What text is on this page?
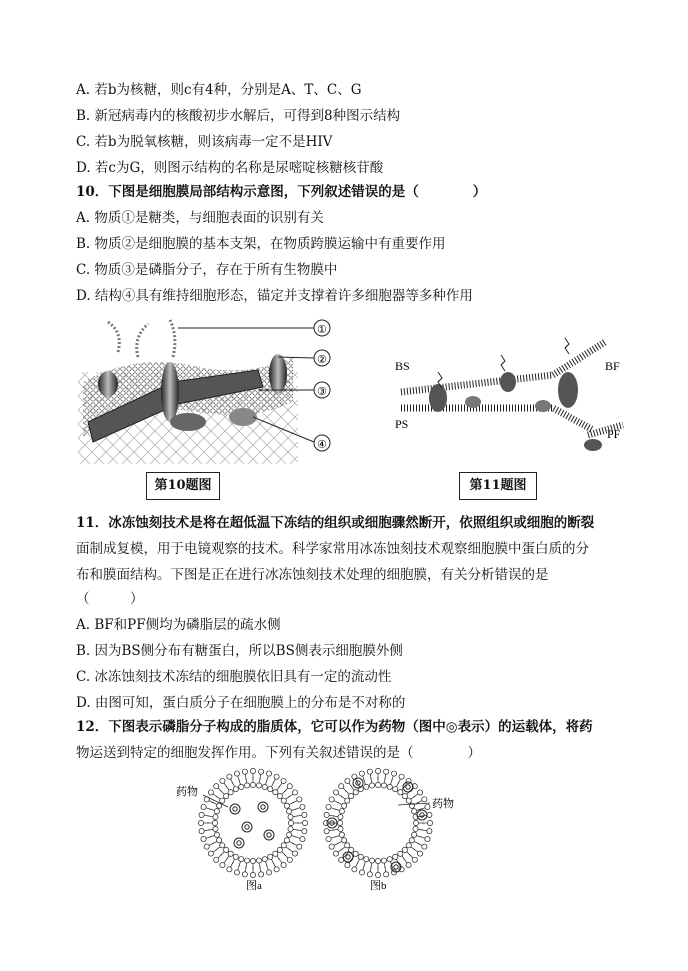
A. 若b为核糖，则c有4种，分别是A、T、C、G
B. 新冠病毒内的核酸初步水解后，可得到8种图示结构
C. 若b为脱氧核糖，则该病毒一定不是HIV
D. 若c为G，则图示结构的名称是尿嘧啶核糖核苷酸
10．下图是细胞膜局部结构示意图，下列叙述错误的是（　　　　）
A. 物质①是糖类，与细胞表面的识别有关
B. 物质②是细胞膜的基本支架，在物质跨膜运输中有重要作用
C. 物质③是磷脂分子，存在于所有生物膜中
D. 结构④具有维持细胞形态，锚定并支撑着许多细胞器等多种作用
①
②
③
④
BS
PS
BF
PF
第10题图	第11题图
11．冰冻蚀刻技术是将在超低温下冻结的组织或细胞骤然断开，依照组织或细胞的断裂
面制成复模，用于电镜观察的技术。科学家常用冰冻蚀刻技术观察细胞膜中蛋白质的分
布和膜面结构。下图是正在进行冰冻蚀刻技术处理的细胞膜，有关分析错误的是
（　　　）
A. BF和PF侧均为磷脂层的疏水侧
B. 因为BS侧分布有糖蛋白，所以BS侧表示细胞膜外侧
C. 冰冻蚀刻技术冻结的细胞膜依旧具有一定的流动性
D. 由图可知，蛋白质分子在细胞膜上的分布是不对称的
12．下图表示磷脂分子构成的脂质体，它可以作为药物（图中◎表示）的运载体，将药
物运送到特定的细胞发挥作用。下列有关叙述错误的是（　　　　）
药物
药物
图a	图b
